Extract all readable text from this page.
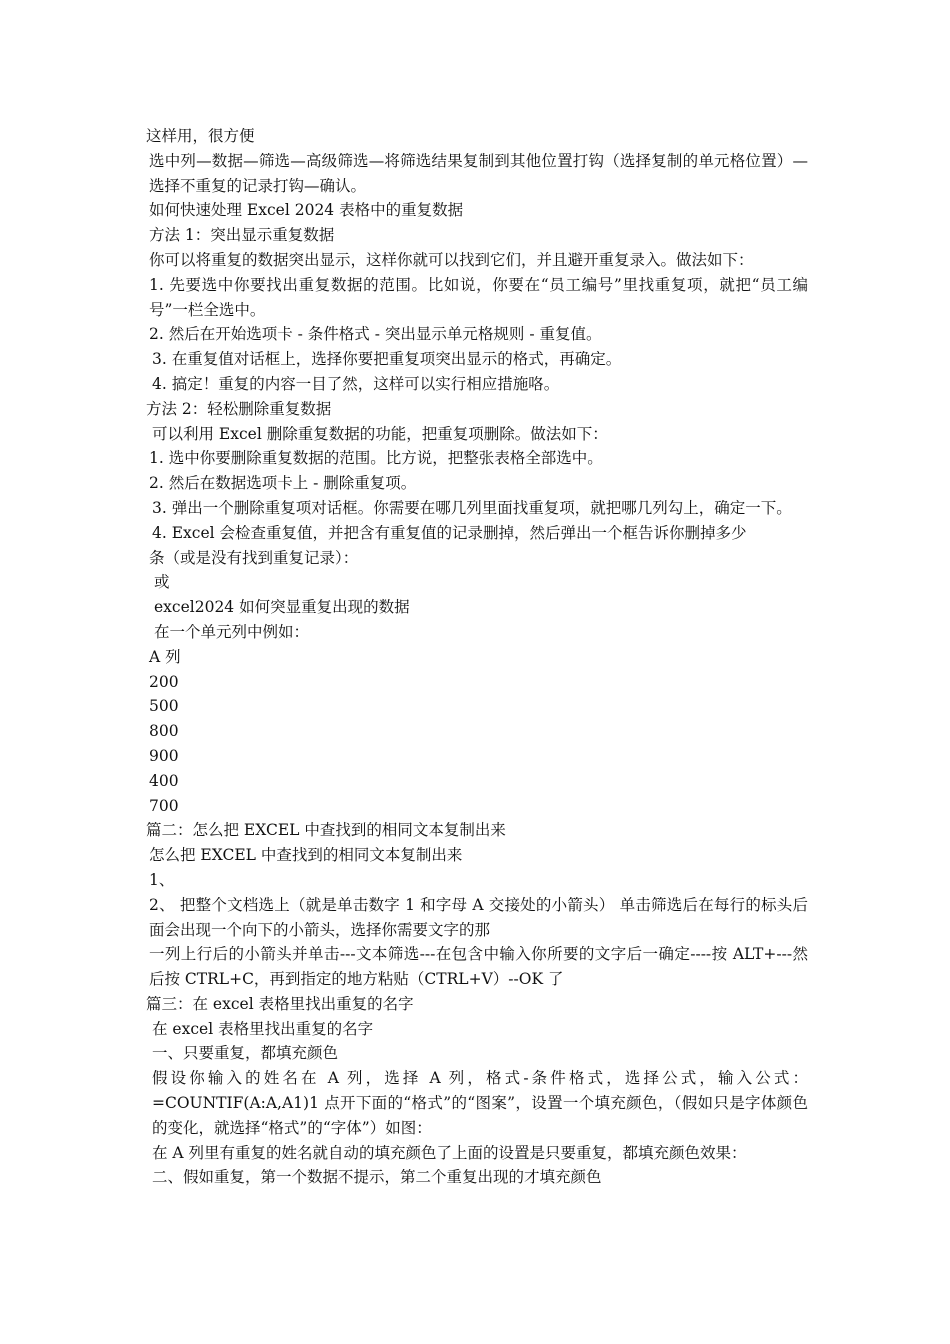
这样用，很方便

选中列—数据—筛选—高级筛选—将筛选结果复制到其他位置打钩（选择复制的单元格位置）—选择不重复的记录打钩—确认。

如何快速处理 Excel 2024 表格中的重复数据

方法 1：突出显示重复数据

你可以将重复的数据突出显示，这样你就可以找到它们，并且避开重复录入。做法如下：

1. 先要选中你要找出重复数据的范围。比如说，你要在“员工编号”里找重复项，就把“员工编号”一栏全选中。

2. 然后在开始选项卡 - 条件格式 - 突出显示单元格规则 - 重复值。

3. 在重复值对话框上，选择你要把重复项突出显示的格式，再确定。

4. 搞定！重复的内容一目了然，这样可以实行相应措施咯。

方法 2：轻松删除重复数据

可以利用 Excel 删除重复数据的功能，把重复项删除。做法如下：

1. 选中你要删除重复数据的范围。比方说，把整张表格全部选中。

2. 然后在数据选项卡上 - 删除重复项。

3. 弹出一个删除重复项对话框。你需要在哪几列里面找重复项，就把哪几列勾上，确定一下。

4. Excel 会检查重复值，并把含有重复值的记录删掉，然后弹出一个框告诉你删掉多少

条（或是没有找到重复记录）：

或

excel2024 如何突显重复出现的数据

在一个单元列中例如：

A 列

200

500

800

900

400

700

篇二：怎么把 EXCEL 中查找到的相同文本复制出来

怎么把 EXCEL 中查找到的相同文本复制出来

1、

2、 把整个文档选上（就是单击数字 1 和字母 A 交接处的小箭头） 单击筛选后在每行的标头后面会出现一个向下的小箭头，选择你需要文字的那

一列上行后的小箭头并单击---文本筛选---在包含中输入你所要的文字后一确定----按 ALT+---然后按 CTRL+C，再到指定的地方粘贴（CTRL+V）--OK 了

篇三：在 excel 表格里找出重复的名字

在 excel 表格里找出重复的名字

一、只要重复，都填充颜色

假设你输入的姓名在 A 列，选择 A 列，格式-条件格式，选择公式，输入公式：=COUNTIF(A:A,A1)1 点开下面的“格式”的“图案”，设置一个填充颜色，（假如只是字体颜色的变化，就选择“格式”的“字体”）如图：

在 A 列里有重复的姓名就自动的填充颜色了上面的设置是只要重复，都填充颜色效果：

二、假如重复，第一个数据不提示，第二个重复出现的才填充颜色
